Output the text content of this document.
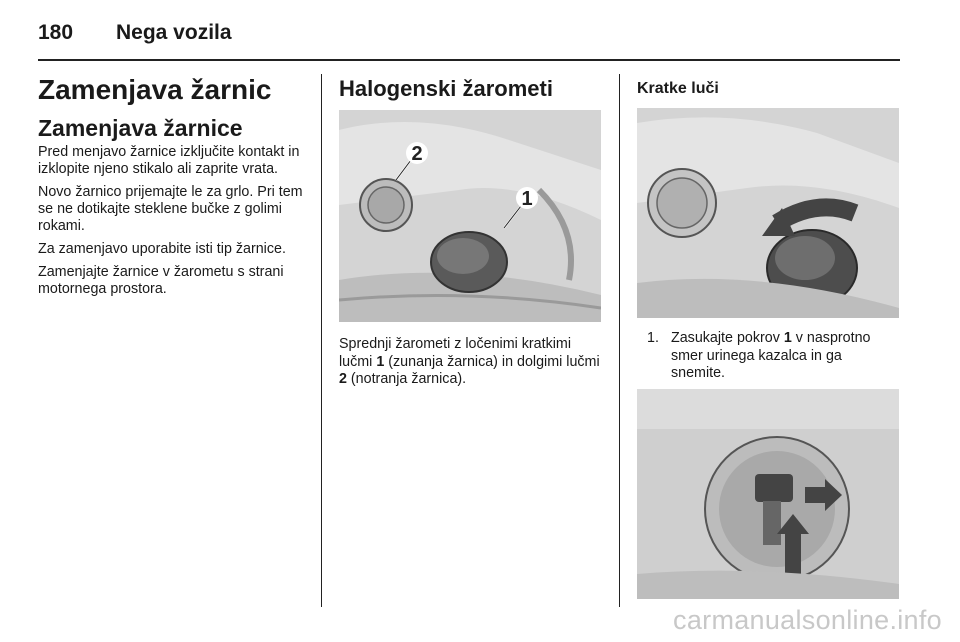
180	Nega vozila
Zamenjava žarnic
Zamenjava žarnice

Pred menjavo žarnice izključite kontakt in izklopite njeno stikalo ali zaprite vrata.

Novo žarnico prijemajte le za grlo. Pri tem se ne dotikajte steklene bučke z golimi rokami.

Za zamenjavo uporabite isti tip žarnice.

Zamenjajte žarnice v žarometu s strani motornega prostora.

Halogenski žarometi
2
1
Sprednji žarometi z ločenimi kratkimi lučmi 1 (zunanja žarnica) in dolgimi lučmi 2 (notranja žarnica).
Kratke luči
1. Zasukajte pokrov 1 v nasprotno smer urinega kazalca in ga snemite.
carmanualsonline.info
